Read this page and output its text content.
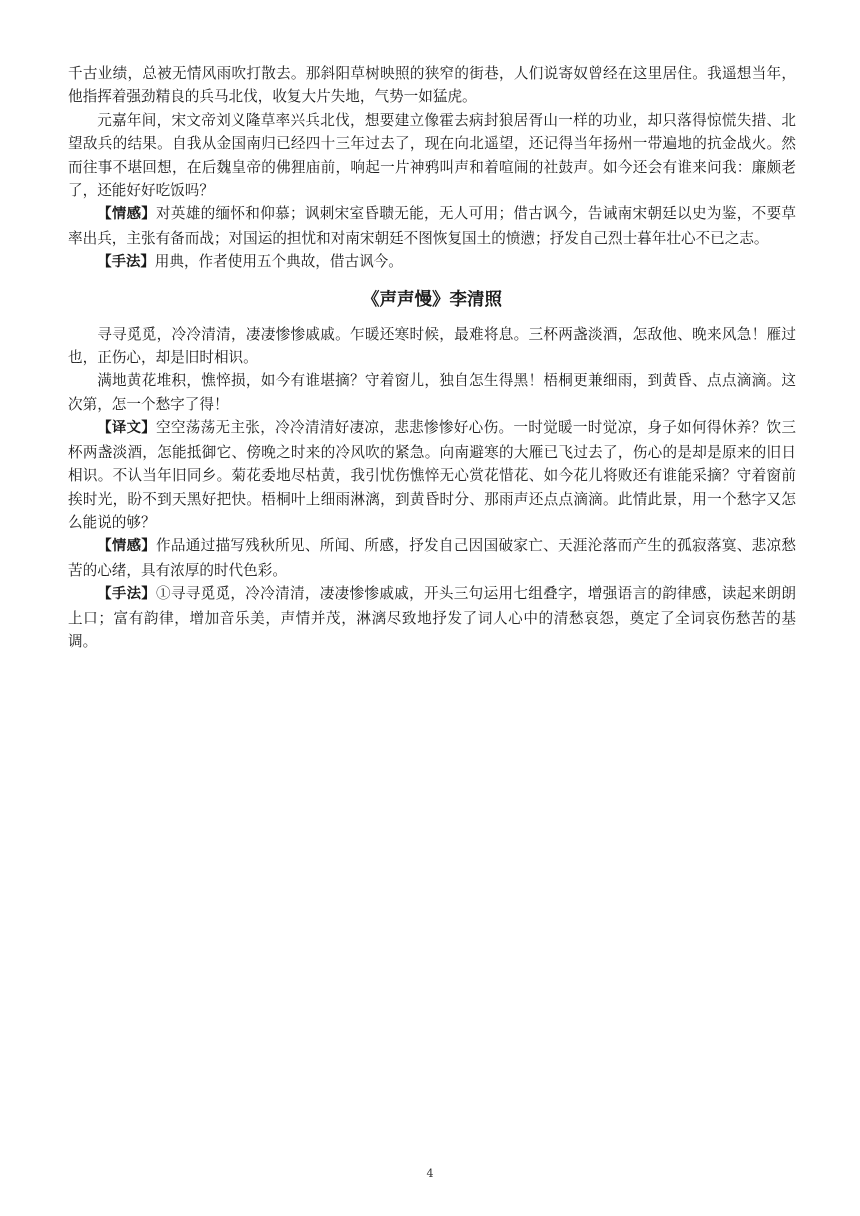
千古业绩，总被无情风雨吹打散去。那斜阳草树映照的狭窄的街巷，人们说寄奴曾经在这里居住。我遥想当年，他指挥着强劲精良的兵马北伐，收复大片失地，气势一如猛虎。

元嘉年间，宋文帝刘义隆草率兴兵北伐，想要建立像霍去病封狼居胥山一样的功业，却只落得惊慌失措、北望敌兵的结果。自我从金国南归已经四十三年过去了，现在向北遥望，还记得当年扬州一带遍地的抗金战火。然而往事不堪回想，在后魏皇帝的佛狸庙前，响起一片神鸦叫声和着喧闹的社鼓声。如今还会有谁来问我：廉颇老了，还能好好吃饭吗？

【情感】对英雄的缅怀和仰慕；讽刺宋室昏聩无能，无人可用；借古讽今，告诫南宋朝廷以史为鉴，不要草率出兵，主张有备而战；对国运的担忧和对南宋朝廷不图恢复国土的愤懑；抒发自己烈士暮年壮心不已之志。

【手法】用典，作者使用五个典故，借古讽今。

《声声慢》李清照

寻寻觅觅，冷冷清清，凄凄惨惨戚戚。乍暖还寒时候，最难将息。三杯两盏淡酒，怎敌他、晚来风急！雁过也，正伤心，却是旧时相识。

满地黄花堆积，憔悴损，如今有谁堪摘？守着窗儿，独自怎生得黑！梧桐更兼细雨，到黄昏、点点滴滴。这次第，怎一个愁字了得！

【译文】空空荡荡无主张，冷冷清清好凄凉，悲悲惨惨好心伤。一时觉暖一时觉凉，身子如何得休养？饮三杯两盏淡酒，怎能抵御它、傍晚之时来的冷风吹的紧急。向南避寒的大雁已飞过去了，伤心的是却是原来的旧日相识。不认当年旧同乡。菊花委地尽枯黄，我引忧伤憔悴无心赏花惜花、如今花儿将败还有谁能采摘？守着窗前挨时光，盼不到天黑好把快。梧桐叶上细雨淋漓，到黄昏时分、那雨声还点点滴滴。此情此景，用一个愁字又怎么能说的够？

【情感】作品通过描写残秋所见、所闻、所感，抒发自己因国破家亡、天涯沦落而产生的孤寂落寞、悲凉愁苦的心绪，具有浓厚的时代色彩。

【手法】①寻寻觅觅，冷冷清清，凄凄惨惨戚戚，开头三句运用七组叠字，增强语言的韵律感，读起来朗朗上口；富有韵律，增加音乐美，声情并茂，淋漓尽致地抒发了词人心中的清愁哀怨，奠定了全词哀伤愁苦的基调。

4
